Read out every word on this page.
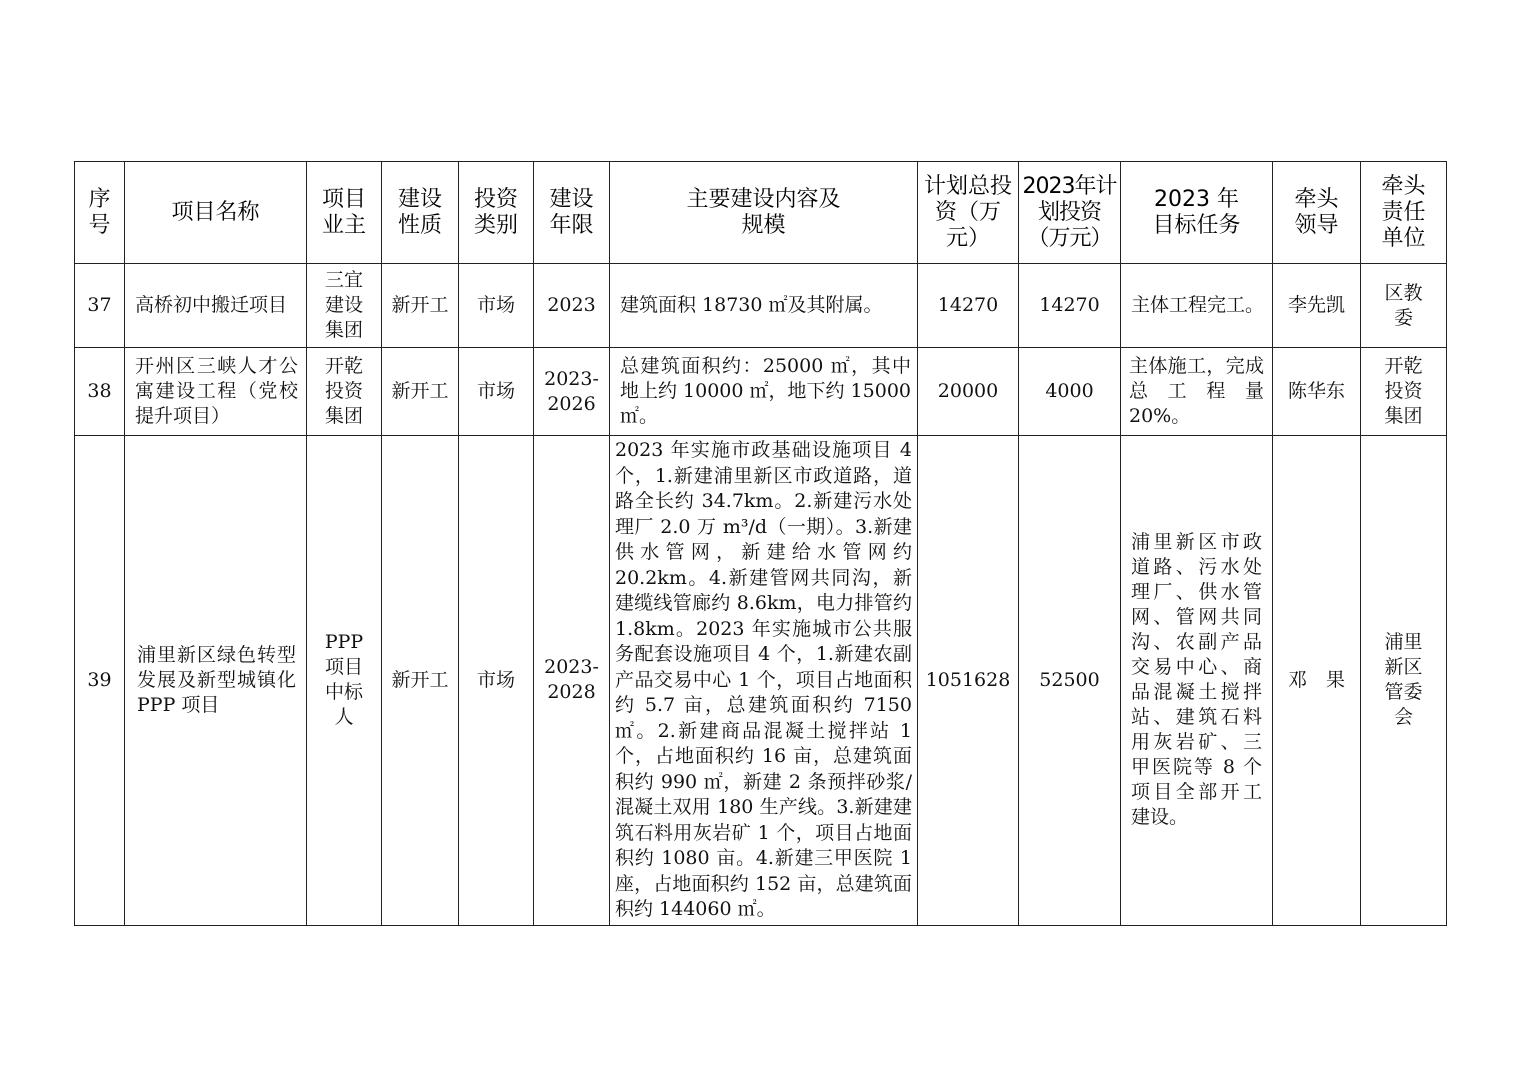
序号	项目名称	项目业主	建设性质	投资类别	建设年限	主要建设内容及规模	计划总投资（万元）	2023年计划投资（万元）	2023 年目标任务	牵头领导	牵头责任单位
37	高桥初中搬迁项目	三宜建设集团	新开工	市场	2023	建筑面积 18730 ㎡及其附属。	14270	14270	主体工程完工。	李先凯	区教委
38	开州区三峡人才公寓建设工程（党校提升项目）	开乾投资集团	新开工	市场	2023-2026	总建筑面积约：25000 ㎡，其中地上约 10000 ㎡，地下约 15000 ㎡。	20000	4000	主体施工，完成总工程量 20%。	陈华东	开乾投资集团
39	浦里新区绿色转型发展及新型城镇化 PPP 项目	PPP项目中标人	新开工	市场	2023-2028	2023 年实施市政基础设施项目 4 个，1.新建浦里新区市政道路，道路全长约 34.7km。2.新建污水处理厂 2.0 万 m³/d（一期）。3.新建供水管网，新建给水管网约 20.2km。4.新建管网共同沟，新建缆线管廊约 8.6km，电力排管约 1.8km。2023 年实施城市公共服务配套设施项目 4 个，1.新建农副产品交易中心 1 个，项目占地面积约 5.7 亩，总建筑面积约 7150 ㎡。2.新建商品混凝土搅拌站 1 个，占地面积约 16 亩，总建筑面积约 990 ㎡，新建 2 条预拌砂浆/混凝土双用 180 生产线。3.新建建筑石料用灰岩矿 1 个，项目占地面积约 1080 亩。4.新建三甲医院 1 座，占地面积约 152 亩，总建筑面积约 144060 ㎡。	1051628	52500	浦里新区市政道路、污水处理厂、供水管网、管网共同沟、农副产品交易中心、商品混凝土搅拌站、建筑石料用灰岩矿、三甲医院等 8 个项目全部开工建设。	邓　果	浦里新区管委会
